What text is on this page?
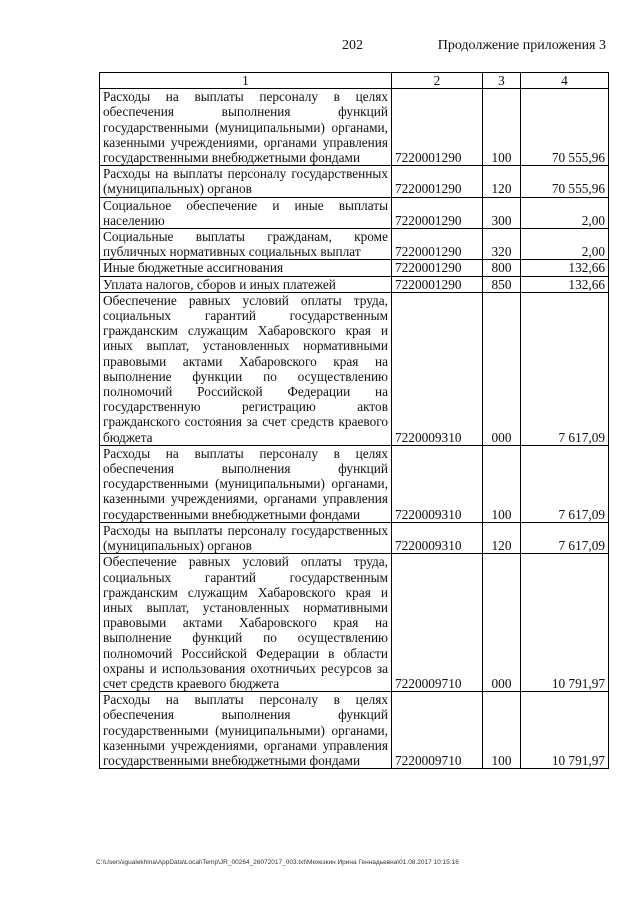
202	Продолжение приложения 3
1	2	3	4
Расходы на выплаты персоналу в целях обеспечения выполнения функций государственными (муниципальными) органами, казенными учреждениями, органами управления государственными внебюджетными фондами	7220001290	100	70 555,96
Расходы на выплаты персоналу государственных (муниципальных) органов	7220001290	120	70 555,96
Социальное обеспечение и иные выплаты населению	7220001290	300	2,00
Социальные выплаты гражданам, кроме публичных нормативных социальных выплат	7220001290	320	2,00
Иные бюджетные ассигнования	7220001290	800	132,66
Уплата налогов, сборов и иных платежей	7220001290	850	132,66
Обеспечение равных условий оплаты труда, социальных гарантий государственным гражданским служащим Хабаровского края и иных выплат, установленных нормативными правовыми актами Хабаровского края на выполнение функции по осуществлению полномочий Российской Федерации на государственную регистрацию актов гражданского состояния за счет средств краевого бюджета	7220009310	000	7 617,09
Расходы на выплаты персоналу в целях обеспечения выполнения функций государственными (муниципальными) органами, казенными учреждениями, органами управления государственными внебюджетными фондами	7220009310	100	7 617,09
Расходы на выплаты персоналу государственных (муниципальных) органов	7220009310	120	7 617,09
Обеспечение равных условий оплаты труда, социальных гарантий государственным гражданским служащим Хабаровского края и иных выплат, установленных нормативными правовыми актами Хабаровского края на выполнение функций по осуществлению полномочий Российской Федерации в области охраны и использования охотничьих ресурсов за счет средств краевого бюджета	7220009710	000	10 791,97
Расходы на выплаты персоналу в целях обеспечения выполнения функций государственными (муниципальными) органами, казенными учреждениями, органами управления государственными внебюджетными фондами	7220009710	100	10 791,97
C:\Users\igualekhina\AppData\Local\Temp\JR_00264_26072017_003.txt\Мехезкин Ирина Геннадьевна\01.08.2017 10:15:16
